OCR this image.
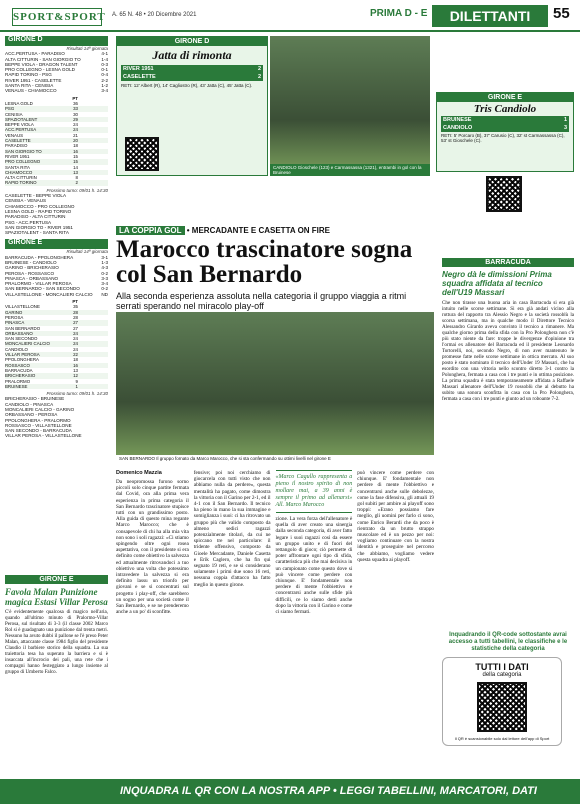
SPORT&SPORT A. 65 N. 48 • 20 Dicembre 2021	PRIMA D - E	DILETTANTI	55
GIRONE D
Risultati 14ª giornata
ACC.PERTUSA - PARADISO	4-1
ALTA CITTURIN - SAN GIORGIO TO	1-4
BEPPE VIOLA - DRAGON TALENT	0-3
PRO COLLEGNO - LESNA GOLD	0-1
RAPID TORINO - PSG	0-4
RIVER 1951 - CASELETTE	2-2
SANTA RITA - CENISIA	1-2
VENAUS - CHIAMOCCO	3-4
PT
LESNA GOLD	36
PSG	33
CENISIA	30
SPAZIOTALENT	29
BEPPE VIOLA	24
ACC.PERTUSA	24
VENAUS	21
CASELETTE	20
PARADISO	18
SAN GIORGIO TO	16
RIVER 1951	15
PRO COLLEGNO	15
SANTA RITA	14
CHIAMOCCO	13
ALTA CITTURIN	8
RAPID TORINO	2
Prossimo turno: 09/01 h. 14:30
CASELETTE - BEPPE VIOLA
CENISIA - VENAUS
CHIAMOCCO - PRO COLLEGNO
LESNA GOLD - RAPID TORINO
PARADISO - ALTA CITTURIN
PSG - ACC.PERTUSA
SAN GIORGIO TO - RIVER 1951
SPAZIOTALENT - SANTA RITA
GIRONE E
Risultati 14ª giornata
BARRACUDA - PPOLONGHERA	3-1
BRUINESE - CANDIOLO	1-3
GARINO - BRICHERASIO	4-3
PEROSA - ROSSASCO	0-2
PINASCA - ORBASSANO	3-3
PRALORMO - VILLAR PEROSA	3-4
SAN BERNARDO - SAN SECONDO	0-2
VILLASTELLONE - MONCALIERI CALCIO ND
PT
VILLASTELLONE	35
GARINO	28
PEROSA	28
PINASCA	27
SAN BERNARDO	27
ORBASSANO	24
SAN SECONDO	24
MONCALIERI CALCIO	24
CANDIOLO	24
VILLAR PEROSA	22
PPOLONGHERA	18
ROSSASCO	16
BARRACUDA	13
BRICHERASIO	12
PRALORMO	9
BRUINESE	1
Prossimo turno: 09/01 h. 14:30
BRICHERASIO - BRUINESE
CANDIOLO - PINASCA
MONCALIERI CALCIO - GARINO
ORBASSANO - PEROSA
PPOLONGHERA - PRALORMO
ROSSASCO - VILLASTELLONE
SAN SECONDO - BARRACUDA
VILLAR PEROSA - VILLASTELLONE
GIRONE E
Favola Malan Punizione magica Estasi Villar Perosa
C'è evidentemente qualcosa di magico nell'aria, quando all'ultimo minuto di Pralormo-Villar Perosa, sul risultato di 3-3 (il classe 2002 Marco Rol si è guadagnato una punizione dal trenta metri. Nessuno ha avuto dubbi il pallone se l'è preso Peter Malan, attaccante classe 1984 figlio del presidente Claudio il barbiere storico della squadra. La sua traiettoria tesa ha superato la barriera e si è insaccata all'incrocio dei pali, una rete che i compagni hanno festeggiato a lungo insieme al gruppo di Umberto Falco.
GIRONE D
Jatta di rimonta
RIVER 1951	2
CASELETTE	2
RETI: 12' Albert (R), 14' Cagliostro (R), 43' Jatta (C), 45' Jatta (C).
CANDIOLO Gioschele (123) e Carmassassa (1321), entrambi in gol con la Bruinese
GIRONE E
Tris Candiolo
BRUINESE	1
CANDIOLO	3
RETI: 5' Porcaro (B), 37' Carusio (C), 32' st Carmassassa (C), 53' st Gioschele (C).
LA COPPIA GOL • MERCADANTE E CASETTA ON FIRE
Marocco trascinatore sogna col San Bernardo
Alla seconda esperienza assoluta nella categoria il gruppo viaggia a ritmi serrati sperando nel miracolo play-off
SAN BERNARDO Il gruppo fornato da Marco Marocco, che si sta confermando su ottimi livelli nel girone E
Domenico Mazzia
Da neopromossa furono sorno piccoli solo cinque partite fermata dal Covid, ora alla prima vera esperienza in prima categoria il San Bernardo trascinatore stupisce tutti con un grandissimo posto. Alla guida di questo mina regante Marco Marocco; che è consapevole di chi ha alla mia vita non sono i soli ragazzi: «Ci stiamo spingendo oltre ogni rosea aspettativa, con il presidente si era definito come obiettivo la salvezza ed attualmente ritrovandoci a tuo obiettivo una volta che potessimo intravedere la salvezza si era definito lassu un trionfo per giovani e se si concentrati sul progetto i play-off, che sarebbero un sogno per una società come il San Bernardo, e se ne prenderemo anche a un po' di sconfitte.
fensive; poi noi cerchiamo di giocarcela con tutti visto che non abbiamo nulla da perdere», questa mentalità ha pagato, come dimostra la vittoria con il Garino per 2-1, ed il 4-1 con il San Bernardo. Il tecnico ha pieno in mano la sua immagine e somiglianza i suoi: ci ha ritrovato un gruppo più che valido composto da almeno sedici ragazzi potenzialmente titolari, da cui ne spiccano tre nel particolare: il tridente offensivo, composto da Gioele Mercadante, Daniele Casetta e Erik Caglero, che ha fin qui segnato 19 reti, e se si considerano solamente i primi due sono 16 reti, nessuna coppia d'attacco ha fatto meglio in questo girone.
«Marco Cagullo rappresenta a pieno il nostro spirito di non mollare mai, a 39 anni è sempre il primo ad allenarsi» All. Marco Marocco
zione. La vera forza dell'allenatore è quella di aver creato una sinergia dalla seconda categoria, di aver fatto legare i suoi ragazzi così da essere un gruppo unito e di fuori del rettangolo di gioco; ciò permette di poter affrontare ogni tipo di sfida, caratteristica più che mai decisiva in un campionato come questo dove si può vincere come perdere con chiunque. E' fondamentale non perdere di mente l'obbiettivo e concentrarsi anche sulle sfide più difficili, ce lo siamo detti anche dopo la vittoria con il Garino e come ci siamo fermati.
può vincere come perdere con chiunque. E' fondamentale non perdere di mente l'obbiettivo e concentrarsi anche sulle debolezze, come la fase difensiva, gli attuali 19 gol subiti per ambire ai playoff sono troppi: «Erano possiamo fare meglio, gli uomini per farlo ci sono, come Enrico Berardi che da poco è rientrato da un brutto strappo muscolare ed è un pezzo per noi: vogliamo continuare con la nostra identità e proseguire nel percorso che abbiamo, vogliamo vedere questa squadra ai playoff.
BARRACUDA
Negro dà le dimissioni Prima squadra affidata al tecnico dell'U19 Massari
Che non tirasse una buona aria in casa Barracuda si era già intuito nelle scorse settimane. Si era già andati vicino alla rottura del rapporto tra Alessio Negro e la società rossoblù la scorsa settimana, ma in qualche modo il Direttore Tecnico Alessandro Girardo aveva convinto il tecnico a rimanere. Ma qualche giorno prima della sfida con la Pro Polonghera non c'è più stato niente da fare: troppe le divergenze d'opinione tra l'ormai ex allenatore del Barracuda ed il presidente Leonardo Tortorelli, noi, secondo Negro, di non aver mantenuto le promesse fatte nelle scorse settimane in ottica mercato. Al suo posto è stato nominato il tecnico dell'Under 19 Massari, che ha esordito con una vittoria nello scontro diretto 3-1 contro la Polonghera, fermata a casa con i tre punti e in ottima posizione. La prima squadra è stata temporaneamente affidata a Raffaele Massari allenatore dell'Under 19 rossoblù che al debutto ha subito una sonora sconfitta in casa con la Pro Polonghera, fermata a casa con i tre punti e giunto ad un roboante 7-2.
Inquadrando il QR-code sottostante avrai accesso a tutti tabellini, le classifiche e le statistiche della categoria
TUTTI I DATI
della categoria
Il QR è scansionabile solo dal lettore dell'app di Sport
INQUADRA IL QR CON LA NOSTRA APP • LEGGI TABELLINI, MARCATORI, DATI
